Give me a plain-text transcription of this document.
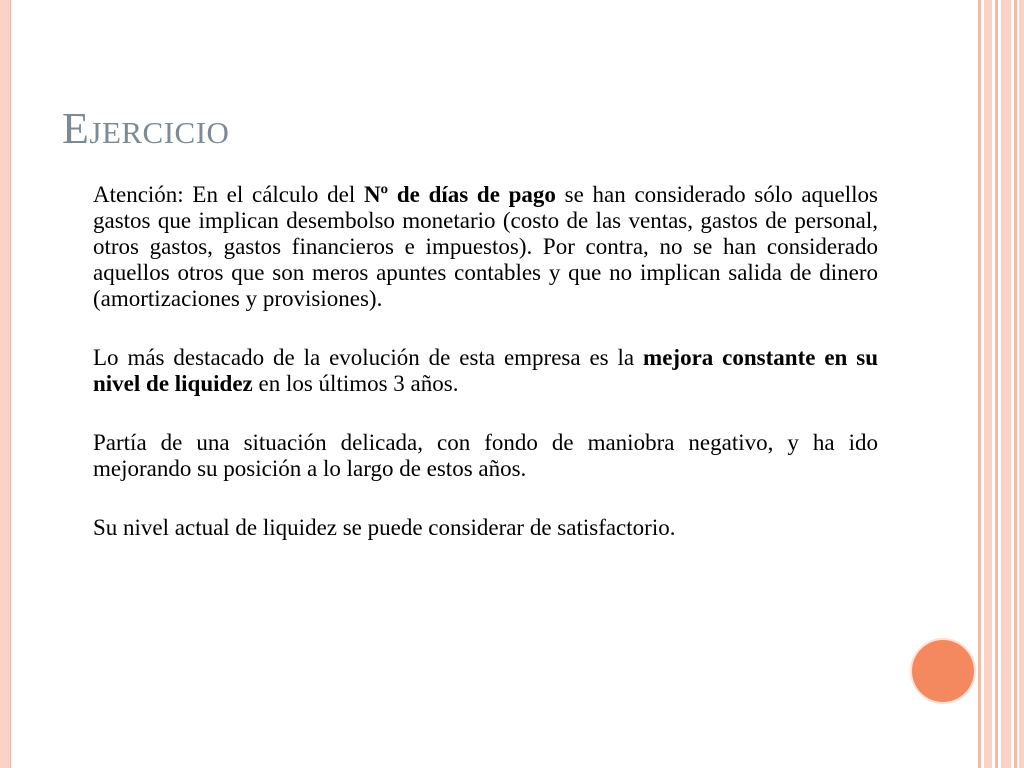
Ejercicio

Atención: En el cálculo del Nº de días de pago se han considerado sólo aquellos gastos que implican desembolso monetario (costo de las ventas, gastos de personal, otros gastos, gastos financieros e impuestos). Por contra, no se han considerado aquellos otros que son meros apuntes contables y que no implican salida de dinero (amortizaciones y provisiones).

Lo más destacado de la evolución de esta empresa es la mejora constante en su nivel de liquidez en los últimos 3 años.

Partía de una situación delicada, con fondo de maniobra negativo, y ha ido mejorando su posición a lo largo de estos años.

Su nivel actual de liquidez se puede considerar de satisfactorio.
